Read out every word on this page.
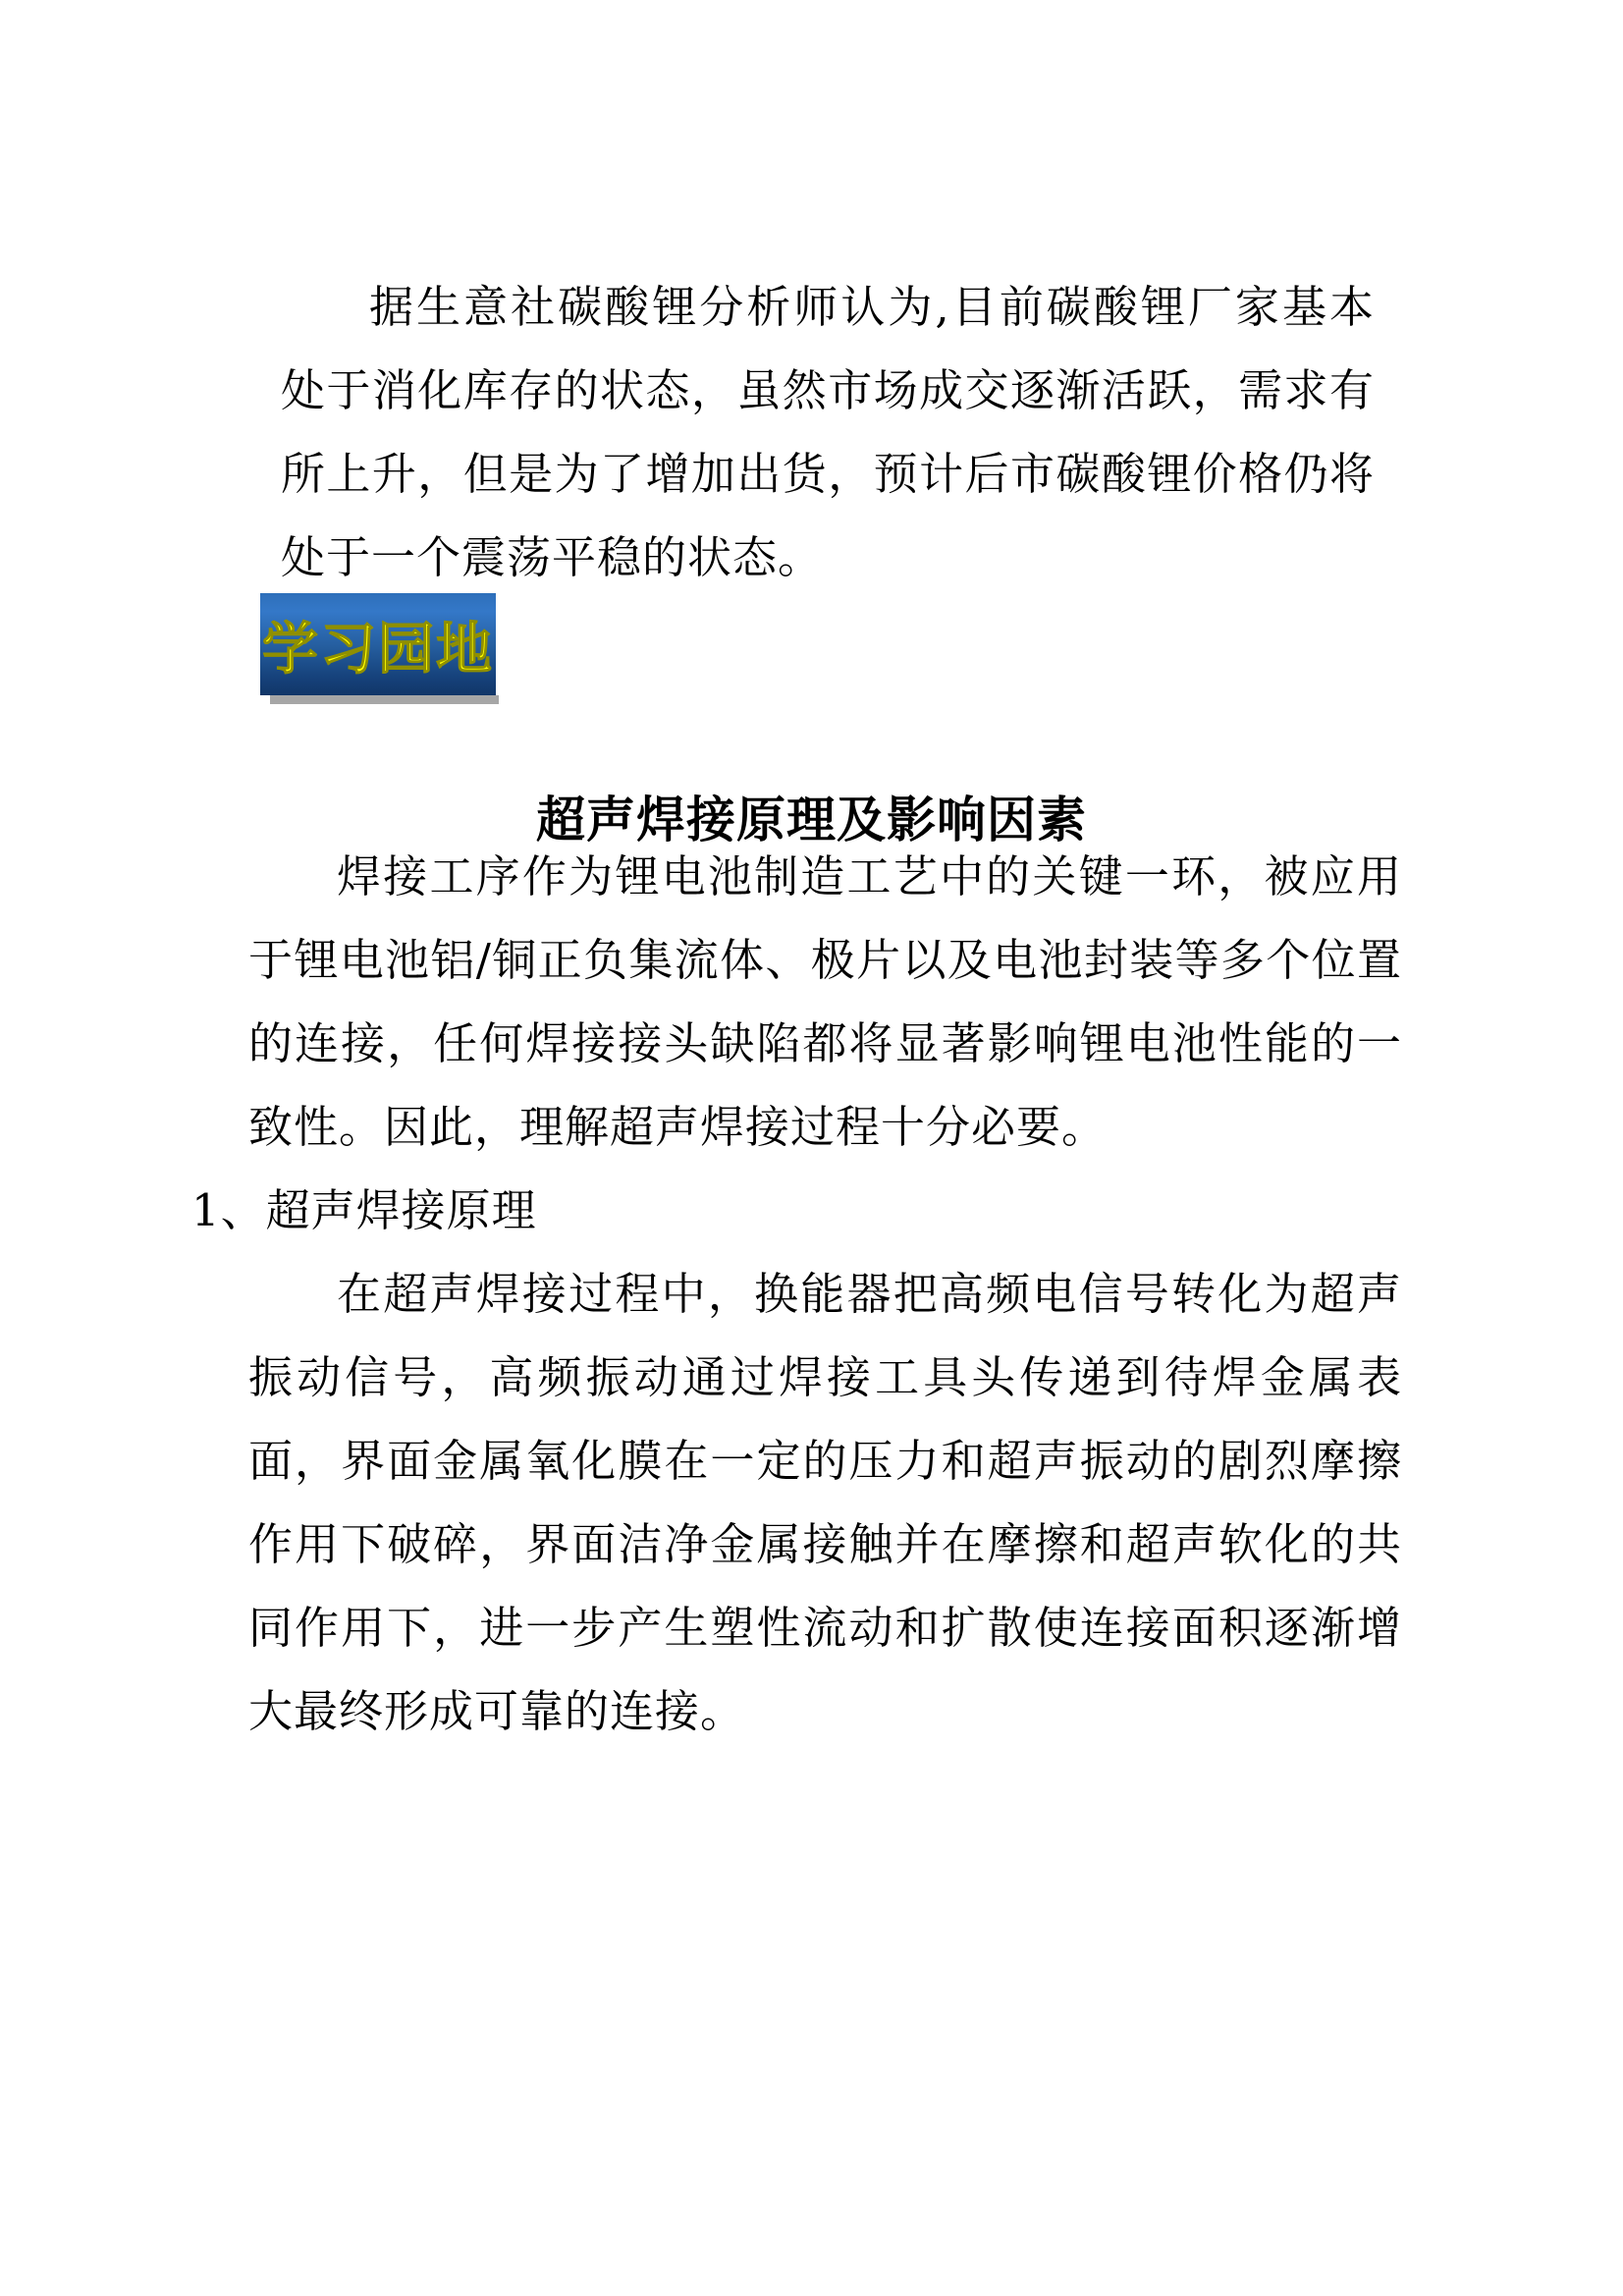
据生意社碳酸锂分析师认为,目前碳酸锂厂家基本处于消化库存的状态，虽然市场成交逐渐活跃，需求有所上升，但是为了增加出货，预计后市碳酸锂价格仍将处于一个震荡平稳的状态。

学习园地
超声焊接原理及影响因素

焊接工序作为锂电池制造工艺中的关键一环，被应用于锂电池铝/铜正负集流体、极片以及电池封装等多个位置的连接，任何焊接接头缺陷都将显著影响锂电池性能的一致性。因此，理解超声焊接过程十分必要。

1、超声焊接原理

在超声焊接过程中，换能器把高频电信号转化为超声振动信号，高频振动通过焊接工具头传递到待焊金属表面，界面金属氧化膜在一定的压力和超声振动的剧烈摩擦作用下破碎，界面洁净金属接触并在摩擦和超声软化的共同作用下，进一步产生塑性流动和扩散使连接面积逐渐增大最终形成可靠的连接。
